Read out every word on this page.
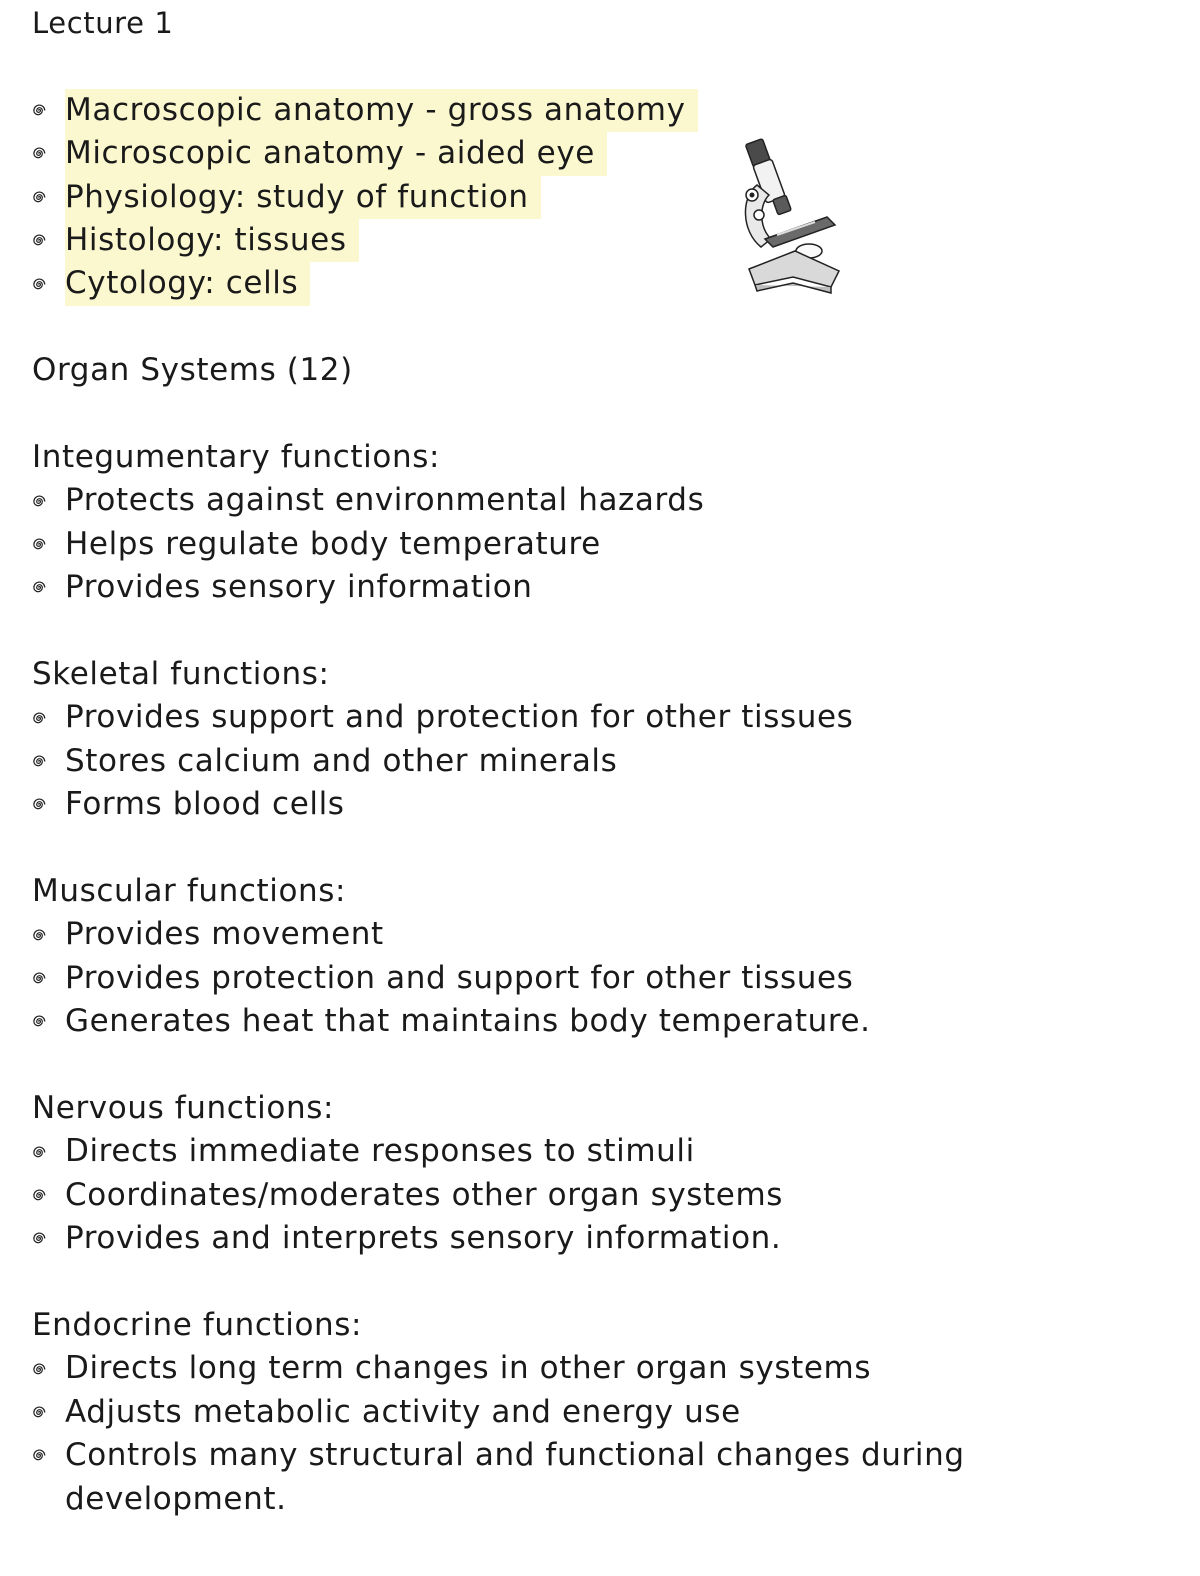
Lecture 1
Macroscopic anatomy - gross anatomy
Microscopic anatomy - aided eye
Physiology: study of function
Histology: tissues
Cytology: cells
Organ Systems (12)
Integumentary functions:
Protects against environmental hazards
Helps regulate body temperature
Provides sensory information
Skeletal functions:
Provides support and protection for other tissues
Stores calcium and other minerals
Forms blood cells
Muscular functions:
Provides movement
Provides protection and support for other tissues
Generates heat that maintains body temperature.
Nervous functions:
Directs immediate responses to stimuli
Coordinates/moderates other organ systems
Provides and interprets sensory information.
Endocrine functions:
Directs long term changes in other organ systems
Adjusts metabolic activity and energy use
Controls many structural and functional changes during development.
